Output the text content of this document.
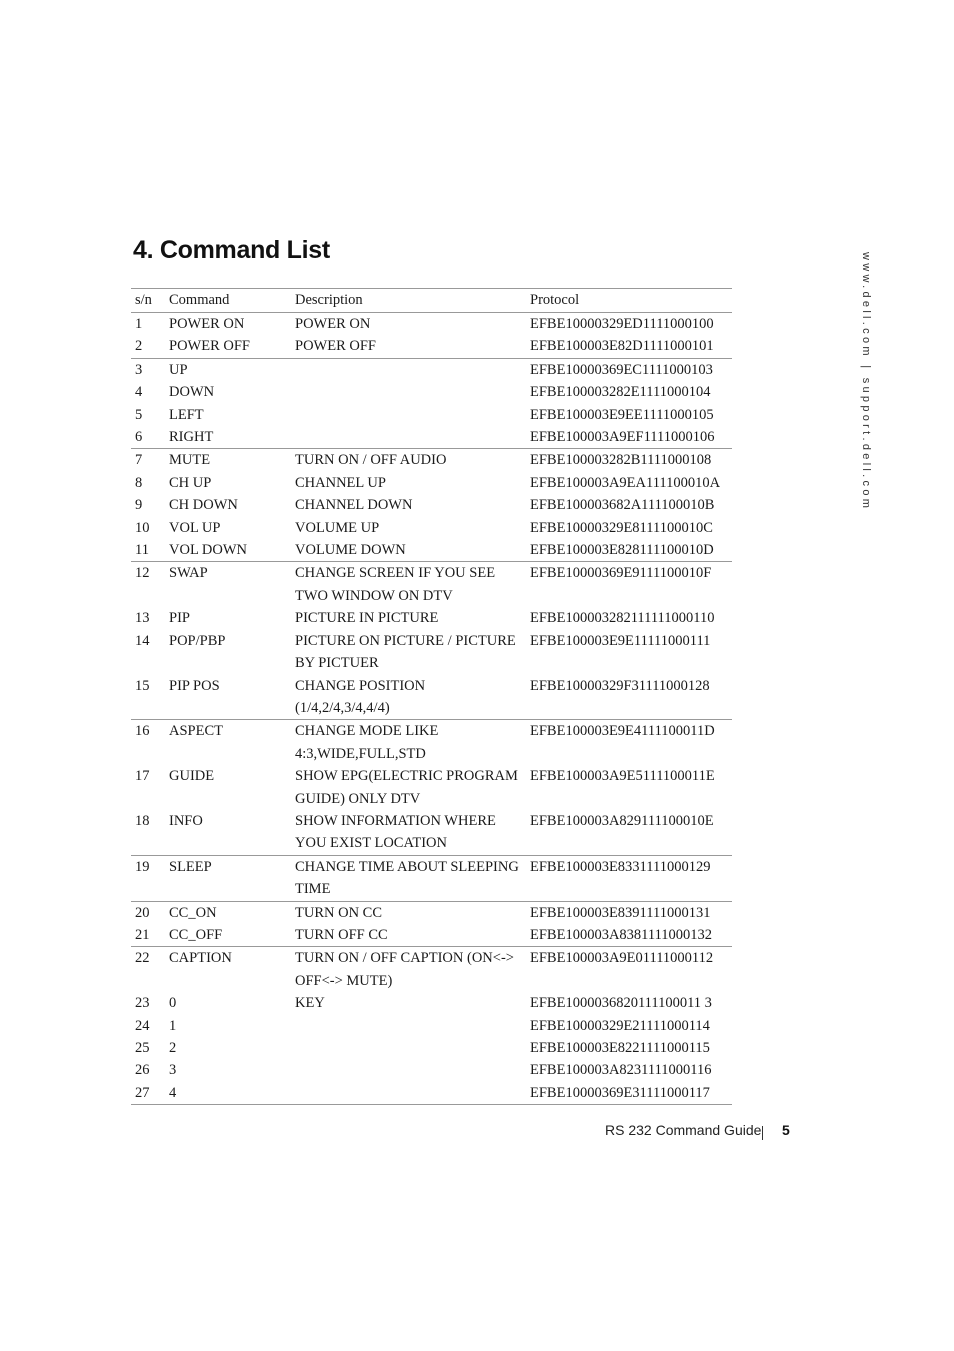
4. Command List
s/n	Command	Description	Protocol
1	POWER ON	POWER ON	EFBE10000329ED1111000100
2	POWER OFF	POWER OFF	EFBE100003E82D1111000101
3	UP		EFBE10000369EC1111000103
4	DOWN		EFBE100003282E1111000104
5	LEFT		EFBE100003E9EE1111000105
6	RIGHT		EFBE100003A9EF1111000106
7	MUTE	TURN ON / OFF AUDIO	EFBE100003282B1111000108
8	CH UP	CHANNEL UP	EFBE100003A9EA111100010A
9	CH DOWN	CHANNEL DOWN	EFBE100003682A111100010B
10	VOL UP	VOLUME UP	EFBE10000329E8111100010C
11	VOL DOWN	VOLUME DOWN	EFBE100003E828111100010D
12	SWAP	CHANGE SCREEN IF YOU SEE TWO WINDOW ON DTV	EFBE10000369E9111100010F
13	PIP	PICTURE IN PICTURE	EFBE100003282111111000110
14	POP/PBP	PICTURE ON PICTURE / PICTURE BY PICTUER	EFBE100003E9E11111000111
15	PIP POS	CHANGE POSITION (1/4,2/4,3/4,4/4)	EFBE10000329F31111000128
16	ASPECT	CHANGE MODE LIKE 4:3,WIDE,FULL,STD	EFBE100003E9E4111100011D
17	GUIDE	SHOW EPG(ELECTRIC PROGRAM GUIDE) ONLY DTV	EFBE100003A9E5111100011E
18	INFO	SHOW INFORMATION WHERE YOU EXIST LOCATION	EFBE100003A829111100010E
19	SLEEP	CHANGE TIME ABOUT SLEEPING TIME	EFBE100003E8331111000129
20	CC_ON	TURN ON CC	EFBE100003E8391111000131
21	CC_OFF	TURN OFF CC	EFBE100003A8381111000132
22	CAPTION	TURN ON / OFF CAPTION (ON<-> OFF<-> MUTE)	EFBE100003A9E01111000112
23	0	KEY	EFBE1000036820111100011 3
24	1		EFBE10000329E21111000114
25	2		EFBE100003E8221111000115
26	3		EFBE100003A8231111000116
27	4		EFBE10000369E31111000117
www.dell.com | support.dell.com
RS 232 Command Guide 5
